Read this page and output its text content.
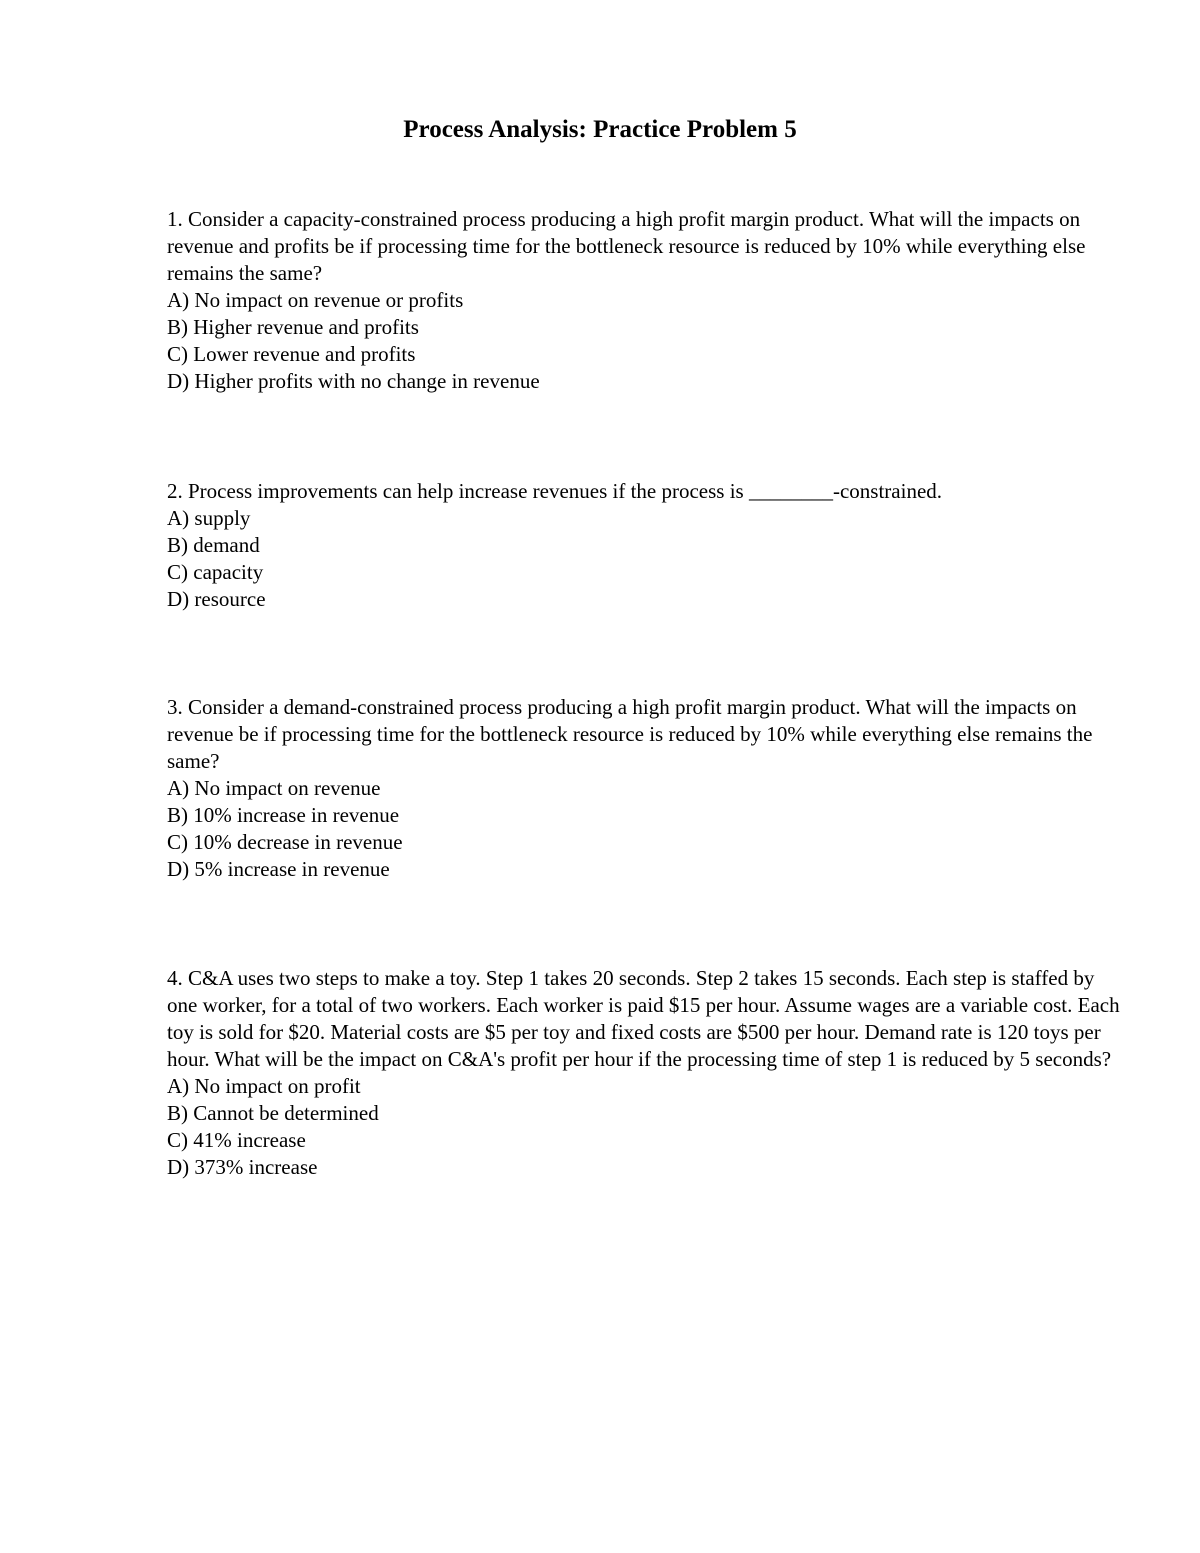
Process Analysis: Practice Problem 5

1. Consider a capacity-constrained process producing a high profit margin product. What will the impacts on revenue and profits be if processing time for the bottleneck resource is reduced by 10% while everything else remains the same?

A) No impact on revenue or profits
B) Higher revenue and profits
C) Lower revenue and profits
D) Higher profits with no change in revenue

2. Process improvements can help increase revenues if the process is ________-constrained.

A) supply
B) demand
C) capacity
D) resource

3. Consider a demand-constrained process producing a high profit margin product. What will the impacts on revenue be if processing time for the bottleneck resource is reduced by 10% while everything else remains the same?

A) No impact on revenue
B) 10% increase in revenue
C) 10% decrease in revenue
D) 5% increase in revenue

4. C&A uses two steps to make a toy. Step 1 takes 20 seconds. Step 2 takes 15 seconds. Each step is staffed by one worker, for a total of two workers. Each worker is paid $15 per hour. Assume wages are a variable cost. Each toy is sold for $20. Material costs are $5 per toy and fixed costs are $500 per hour. Demand rate is 120 toys per hour. What will be the impact on C&A's profit per hour if the processing time of step 1 is reduced by 5 seconds?

A) No impact on profit
B) Cannot be determined
C) 41% increase
D) 373% increase
